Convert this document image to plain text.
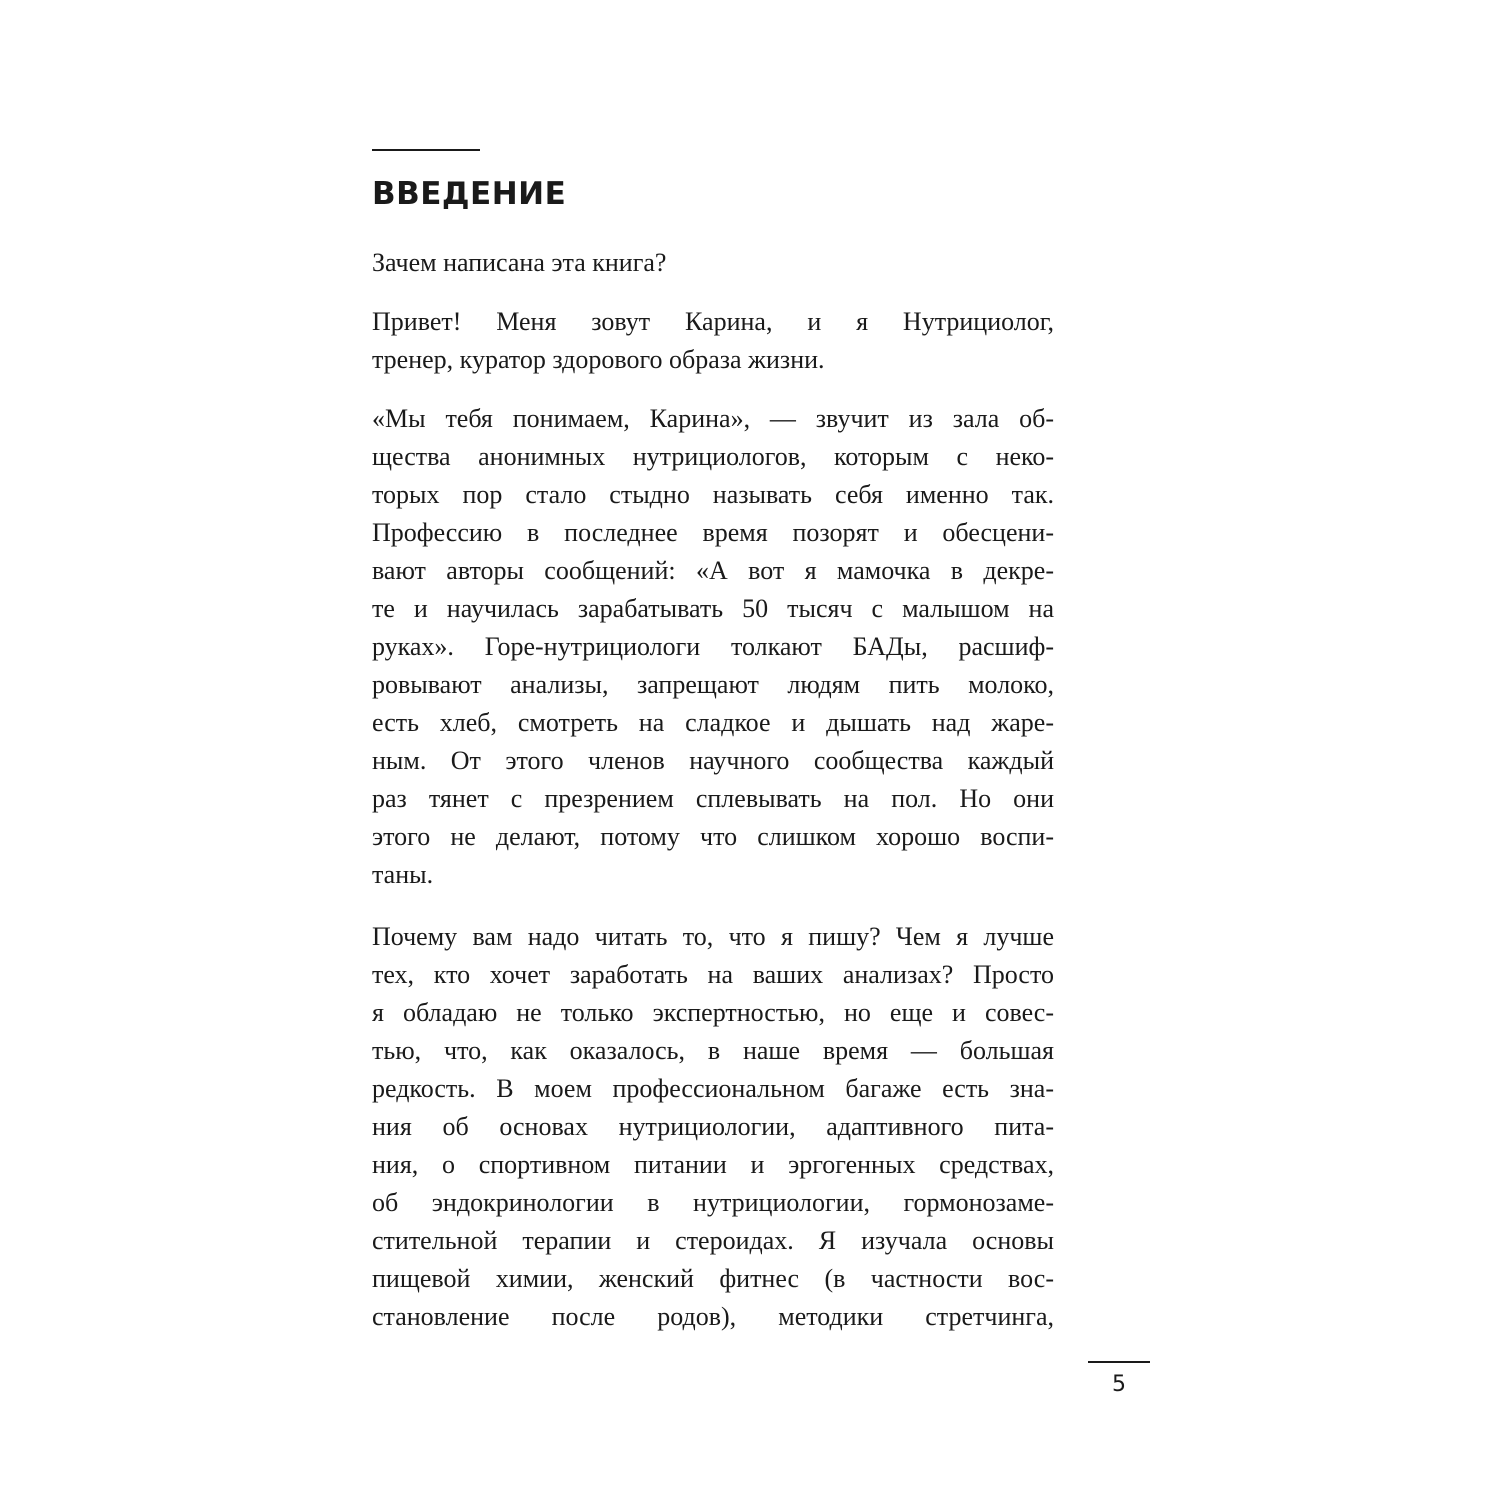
ВВЕДЕНИЕ
Зачем написана эта книга?
Привет! Меня зовут Карина, и я Нутрициолог,
тренер, куратор здорового образа жизни.
«Мы тебя понимаем, Карина», — звучит из зала об-
щества анонимных нутрициологов, которым с неко-
торых пор стало стыдно называть себя именно так.
Профессию в последнее время позорят и обесцени-
вают авторы сообщений: «А вот я мамочка в декре-
те и научилась зарабатывать 50 тысяч с малышом на
руках». Горе-нутрициологи толкают БАДы, расшиф-
ровывают анализы, запрещают людям пить молоко,
есть хлеб, смотреть на сладкое и дышать над жаре-
ным. От этого членов научного сообщества каждый
раз тянет с презрением сплевывать на пол. Но они
этого не делают, потому что слишком хорошо воспи-
таны.
Почему вам надо читать то, что я пишу? Чем я лучше
тех, кто хочет заработать на ваших анализах? Просто
я обладаю не только экспертностью, но еще и совес-
тью, что, как оказалось, в наше время — большая
редкость. В моем профессиональном багаже есть зна-
ния об основах нутрициологии, адаптивного пита-
ния, о спортивном питании и эргогенных средствах,
об эндокринологии в нутрициологии, гормонозаме-
стительной терапии и стероидах. Я изучала основы
пищевой химии, женский фитнес (в частности вос-
становление после родов), методики стретчинга,
5
